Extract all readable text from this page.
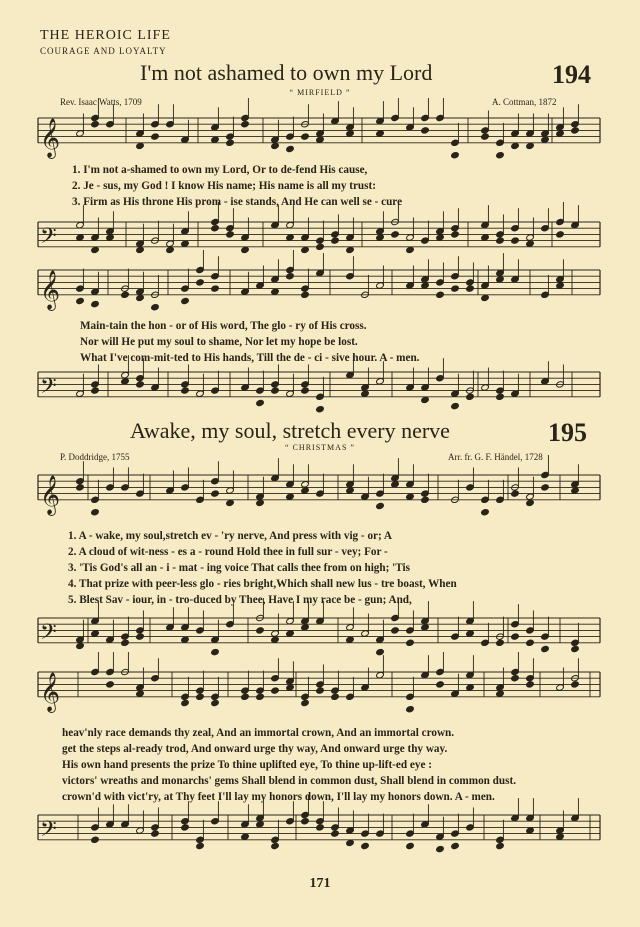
THE HEROIC LIFE
COURAGE AND LOYALTY
I'm not ashamed to own my Lord	194
“ MIRFIELD ”
Rev. Isaac Watts, 1709	A. Cottman, 1872
1. I'm not a-shamed to own my Lord, Or to de-fend His cause,
2. Je - sus, my God ! I know His name; His name is all my trust:
3. Firm as His throne His prom - ise stands, And He can well se - cure
Main-tain the hon - or of His word, The glo - ry of His cross.
Nor will He put my soul to shame, Nor let my hope be lost.
What I've com-mit-ted to His hands, Till the de - ci - sive hour. A - men.
Awake, my soul, stretch every nerve	195
“ CHRISTMAS ”
P. Doddridge, 1755	Arr. fr. G. F. Händel, 1728
1. A - wake, my soul,stretch ev - 'ry nerve, And press with vig - or; A
2. A cloud of wit-ness - es a - round Hold thee in full sur - vey; For -
3. 'Tis God's all an - i - mat - ing voice That calls thee from on high; 'Tis
4. That prize with peer-less glo - ries bright,Which shall new lus - tre boast, When
5. Blest Sav - iour, in - tro-duced by Thee, Have I my race be - gun; And,
heav'nly race demands thy zeal, And an immortal crown, And an immortal crown.
get the steps al-ready trod, And onward urge thy way, And onward urge thy way.
His own hand presents the prize To thine uplifted eye, To thine up-lift-ed eye :
victors' wreaths and monarchs' gems Shall blend in common dust, Shall blend in common dust.
crown'd with vict'ry, at Thy feet I'll lay my honors down, I'll lay my honors down. A - men.
171
𝄞
𝄢
𝄞
𝄢
𝄞
𝄢
𝄞
𝄢
